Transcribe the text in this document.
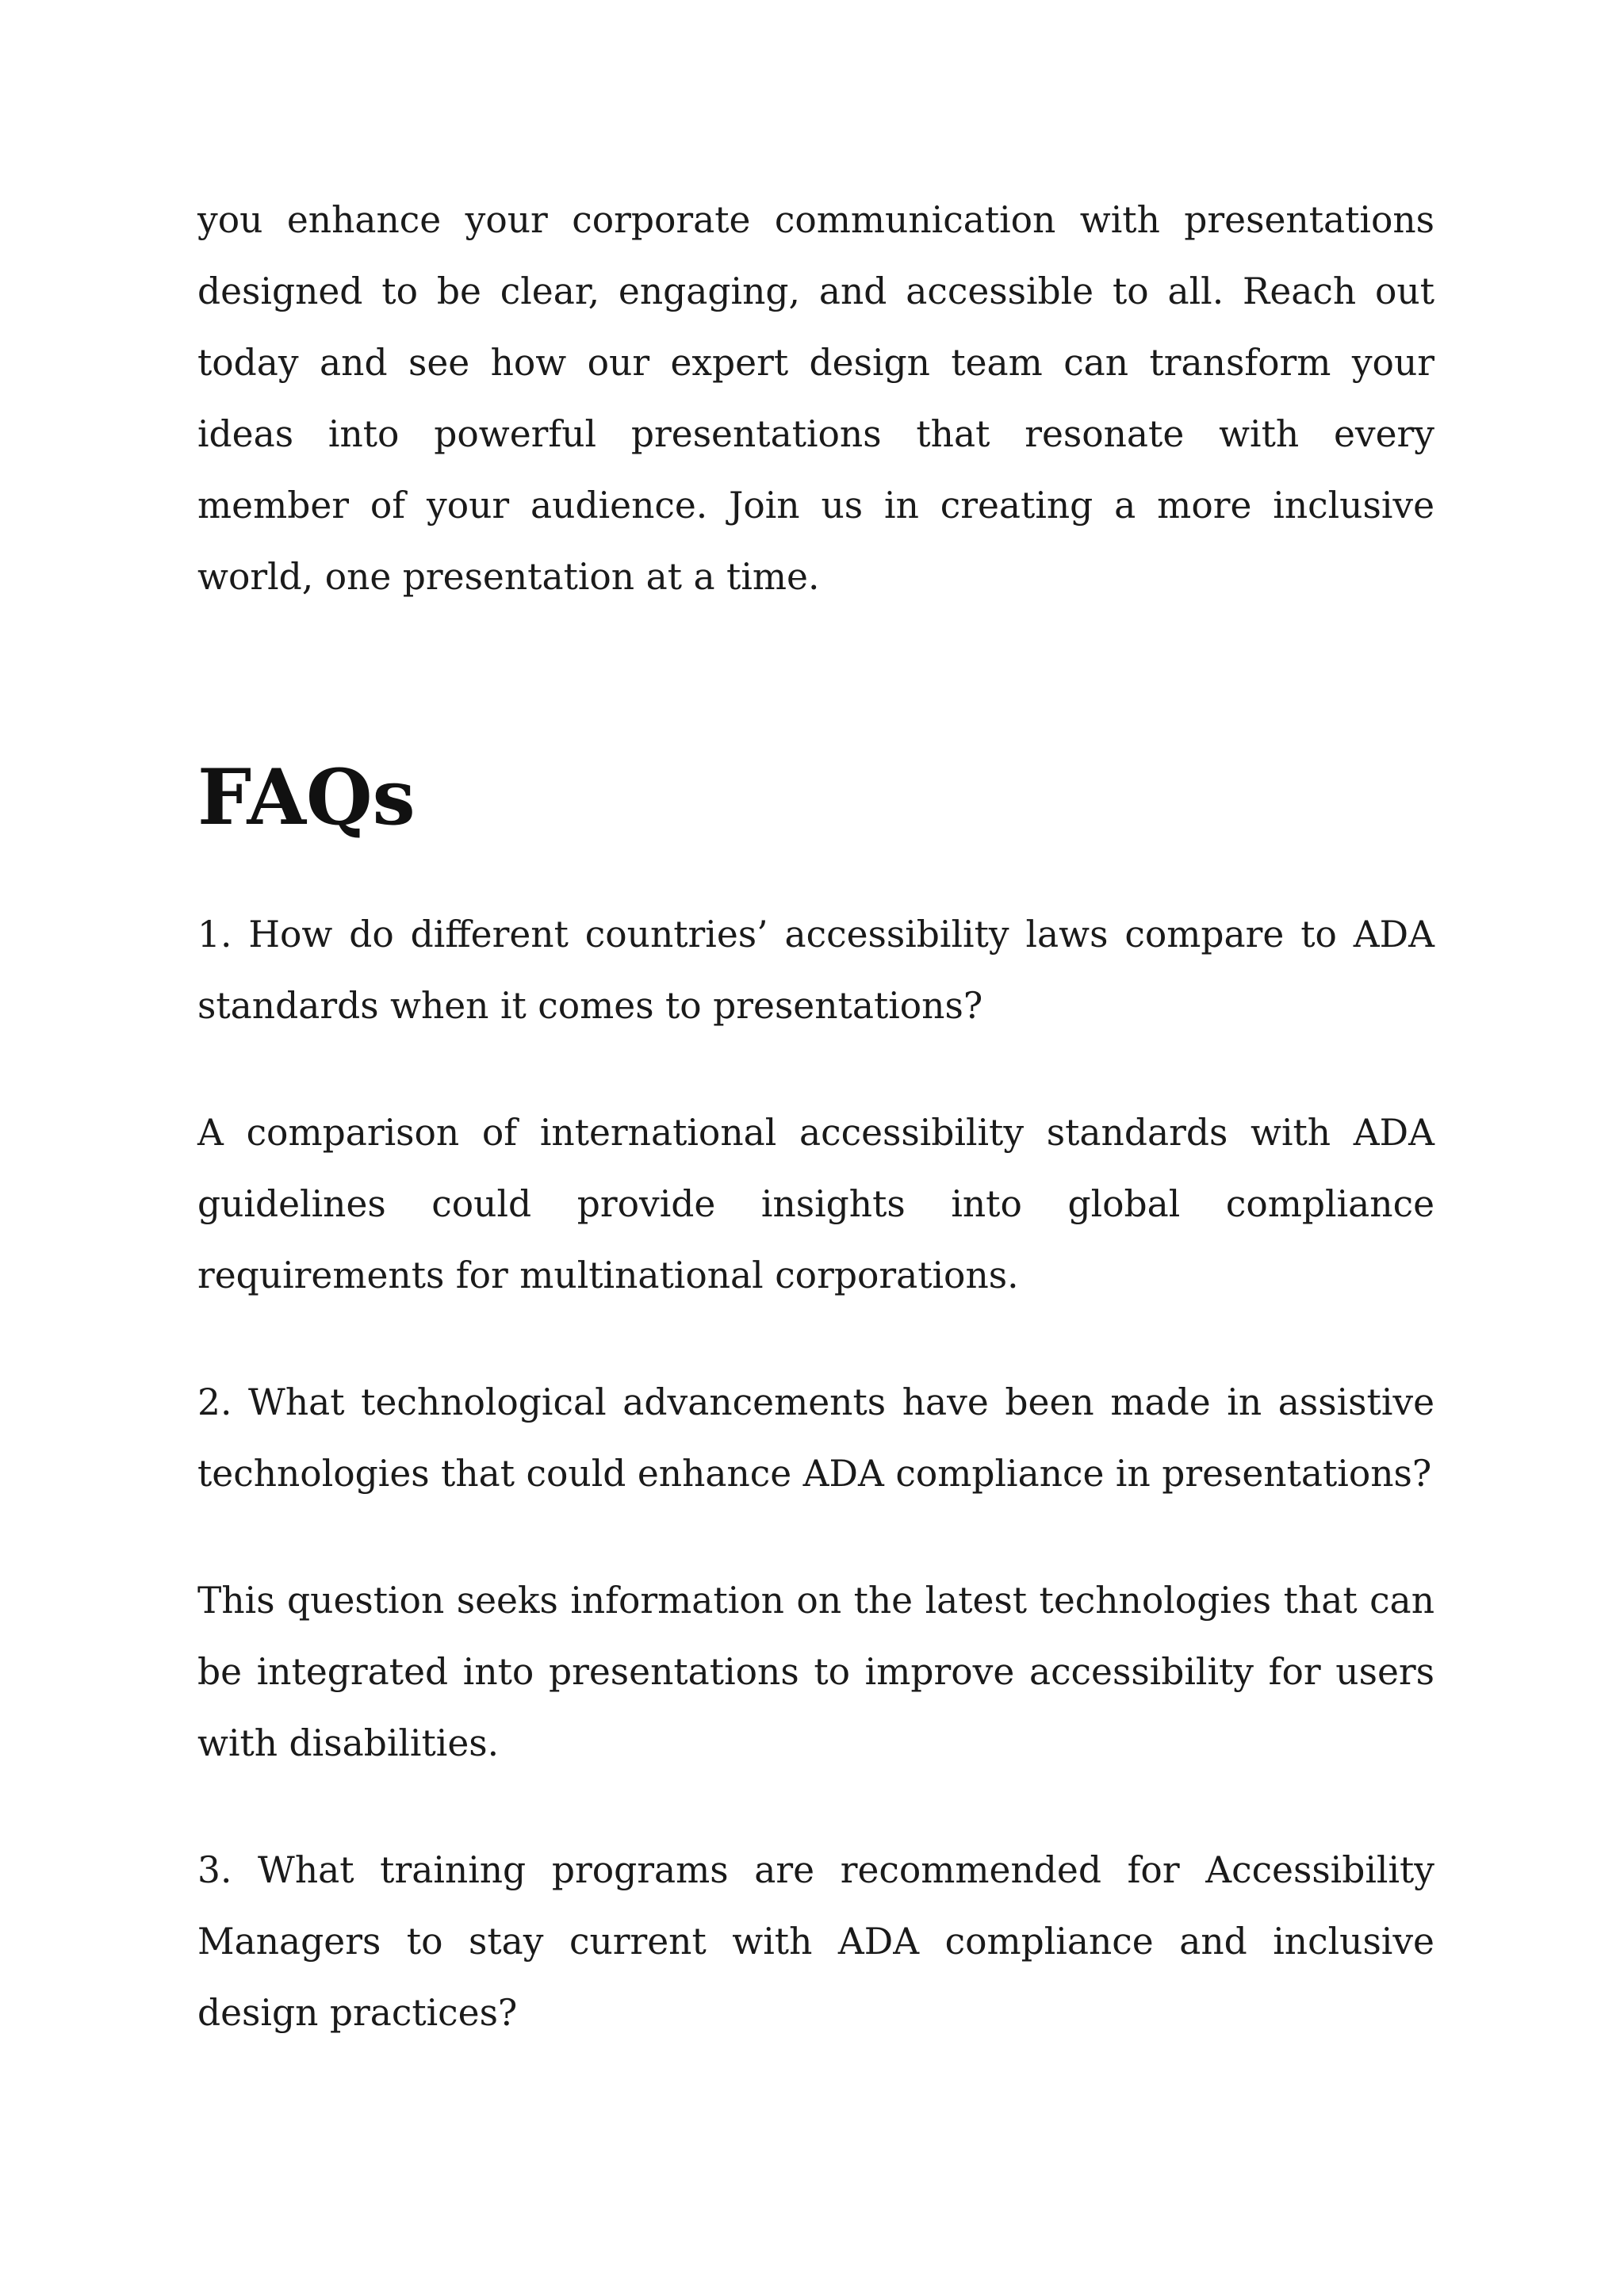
you enhance your corporate communication with presentations designed to be clear, engaging, and accessible to all. Reach out today and see how our expert design team can transform your ideas into powerful presentations that resonate with every member of your audience. Join us in creating a more inclusive world, one presentation at a time.

FAQs

1. How do different countries’ accessibility laws compare to ADA standards when it comes to presentations?

A comparison of international accessibility standards with ADA guidelines could provide insights into global compliance requirements for multinational corporations.

2. What technological advancements have been made in assistive technologies that could enhance ADA compliance in presentations?

This question seeks information on the latest technologies that can be integrated into presentations to improve accessibility for users with disabilities.

3. What training programs are recommended for Accessibility Managers to stay current with ADA compliance and inclusive design practices?
